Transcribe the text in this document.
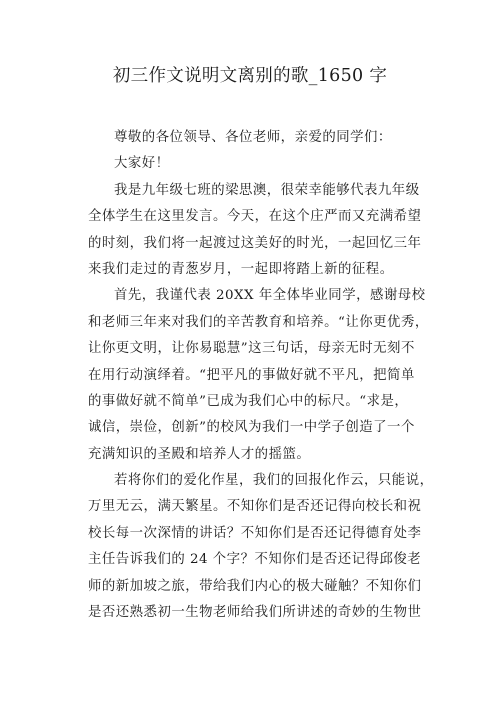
初三作文说明文离别的歌_1650 字
尊敬的各位领导、各位老师，亲爱的同学们：
大家好！
我是九年级七班的梁思澳，很荣幸能够代表九年级
全体学生在这里发言。今天，在这个庄严而又充满希望
的时刻，我们将一起渡过这美好的时光，一起回忆三年
来我们走过的青葱岁月，一起即将踏上新的征程。
首先，我谨代表 20XX 年全体毕业同学，感谢母校
和老师三年来对我们的辛苦教育和培养。“让你更优秀，
让你更文明，让你易聪慧”这三句话，母亲无时无刻不
在用行动演绎着。“把平凡的事做好就不平凡，把简单
的事做好就不简单”已成为我们心中的标尺。“求是，
诚信，崇俭，创新”的校风为我们一中学子创造了一个
充满知识的圣殿和培养人才的摇篮。
若将你们的爱化作星，我们的回报化作云，只能说，
万里无云，满天繁星。不知你们是否还记得向校长和祝
校长每一次深情的讲话？不知你们是否还记得德育处李
主任告诉我们的 24 个字？不知你们是否还记得邱俊老
师的新加坡之旅，带给我们内心的极大碰触？不知你们
是否还熟悉初一生物老师给我们所讲述的奇妙的生物世
